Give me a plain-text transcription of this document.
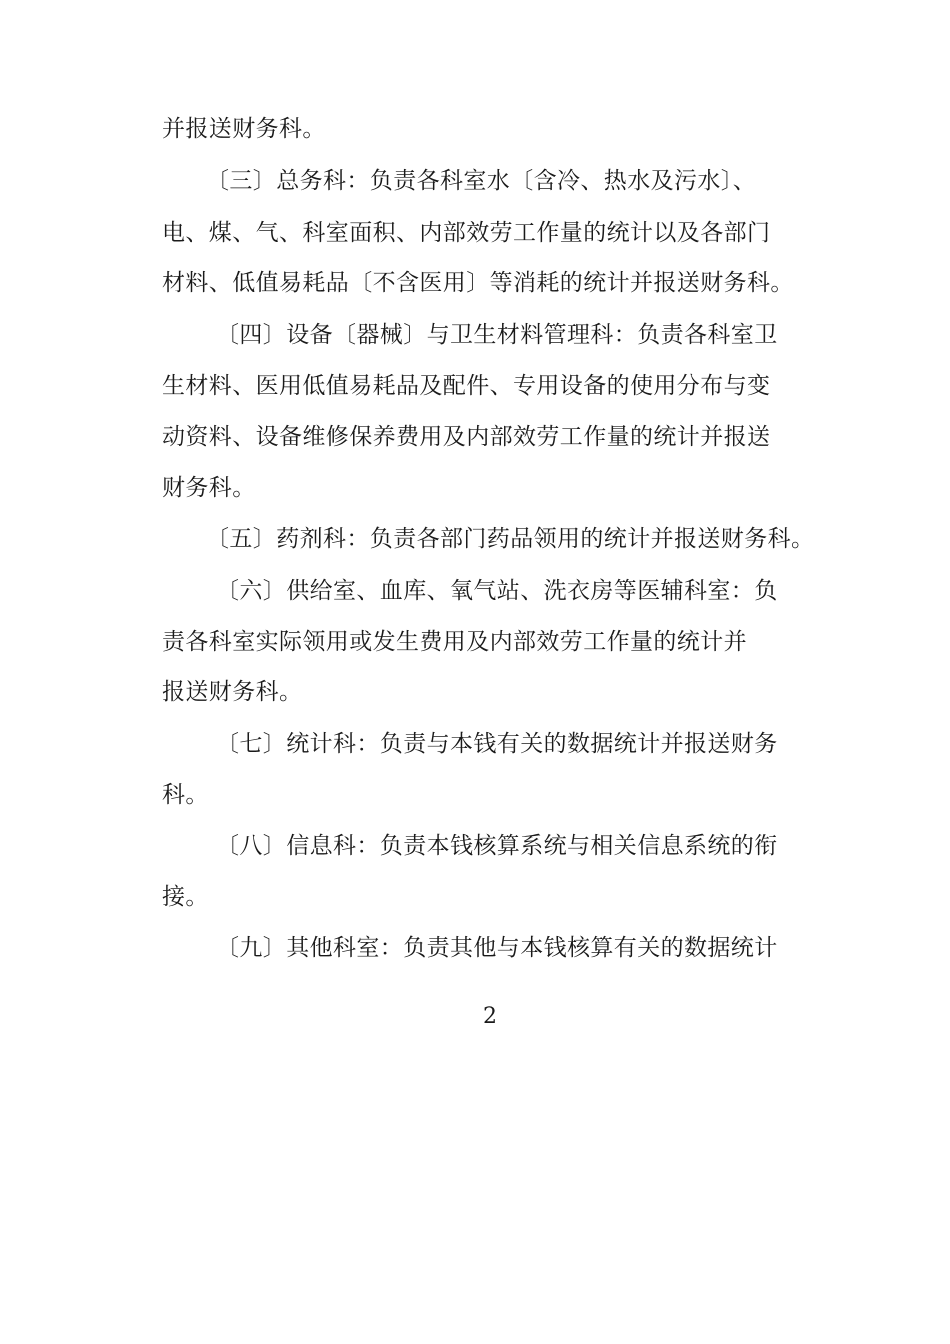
并报送财务科。
〔三〕总务科：负责各科室水〔含冷、热水及污水〕、
电、煤、气、科室面积、内部效劳工作量的统计以及各部门
材料、低值易耗品〔不含医用〕等消耗的统计并报送财务科。
〔四〕设备〔器械〕与卫生材料管理科：负责各科室卫
生材料、医用低值易耗品及配件、专用设备的使用分布与变
动资料、设备维修保养费用及内部效劳工作量的统计并报送
财务科。
〔五〕药剂科：负责各部门药品领用的统计并报送财务科。
〔六〕供给室、血库、氧气站、洗衣房等医辅科室：负
责各科室实际领用或发生费用及内部效劳工作量的统计并
报送财务科。
〔七〕统计科：负责与本钱有关的数据统计并报送财务
科。
〔八〕信息科：负责本钱核算系统与相关信息系统的衔
接。
〔九〕其他科室：负责其他与本钱核算有关的数据统计
2
